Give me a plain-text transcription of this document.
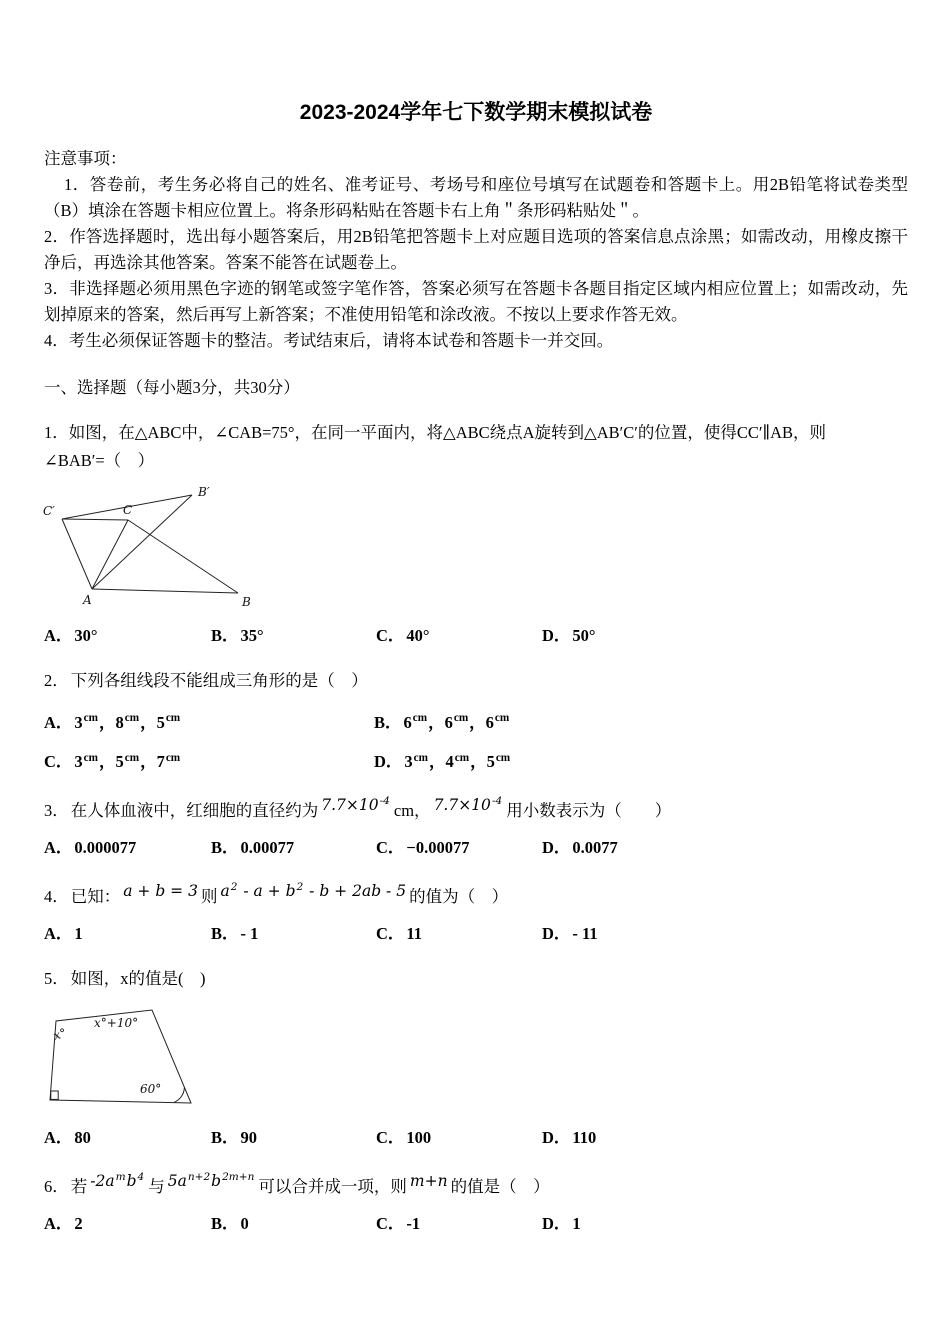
2023-2024学年七下数学期末模拟试卷

注意事项：

1．答卷前，考生务必将自己的姓名、准考证号、考场号和座位号填写在试题卷和答题卡上。用2B铅笔将试卷类型（B）填涂在答题卡相应位置上。将条形码粘贴在答题卡右上角＂条形码粘贴处＂。

2．作答选择题时，选出每小题答案后，用2B铅笔把答题卡上对应题目选项的答案信息点涂黑；如需改动，用橡皮擦干净后，再选涂其他答案。答案不能答在试题卷上。

3．非选择题必须用黑色字迹的钢笔或签字笔作答，答案必须写在答题卡各题目指定区域内相应位置上；如需改动，先划掉原来的答案，然后再写上新答案；不准使用铅笔和涂改液。不按以上要求作答无效。

4．考生必须保证答题卡的整洁。考试结束后，请将本试卷和答题卡一并交回。

一、选择题（每小题3分，共30分）

1．如图，在△ABC中，∠CAB=75°，在同一平面内，将△ABC绕点A旋转到△AB′C′的位置，使得CC′∥AB，则

∠BAB′=（　）

C′	C
B′
A	B
A． 30°	B． 35°	C． 40°	D． 50°

2． 下列各组线段不能组成三角形的是（　）

A． $3^{cm}$，$8^{cm}$，$5^{cm}$	B． $6^{cm}$，$6^{cm}$，$6^{cm}$
C． $3^{cm}$，$5^{cm}$，$7^{cm}$	D． $3^{cm}$，$4^{cm}$，$5^{cm}$

3． 在人体血液中，红细胞的直径约为 $7.7\times 10^{-4}cm$， $7.7\times 10^{-4}$用小数表示为（　　）

A． 0.000077	B． 0.00077	C． −0.00077	D． 0.0077

4． 已知： a + b = 3 则 $a^2 - a + b^2 - b + 2ab - 5$ 的值为（　）

A． 1	B． - 1	C． 11	D． - 11

5． 如图，x的值是(　)

x°
x°+10°
60°
A． 80	B． 90	C． 100	D． 110

6． 若 $-2a^mb^4$与 $5a^{n+2}b^{2m+n}$可以合并成一项，则 m+n 的值是（　）

A． 2	B． 0	C． -1	D． 1
